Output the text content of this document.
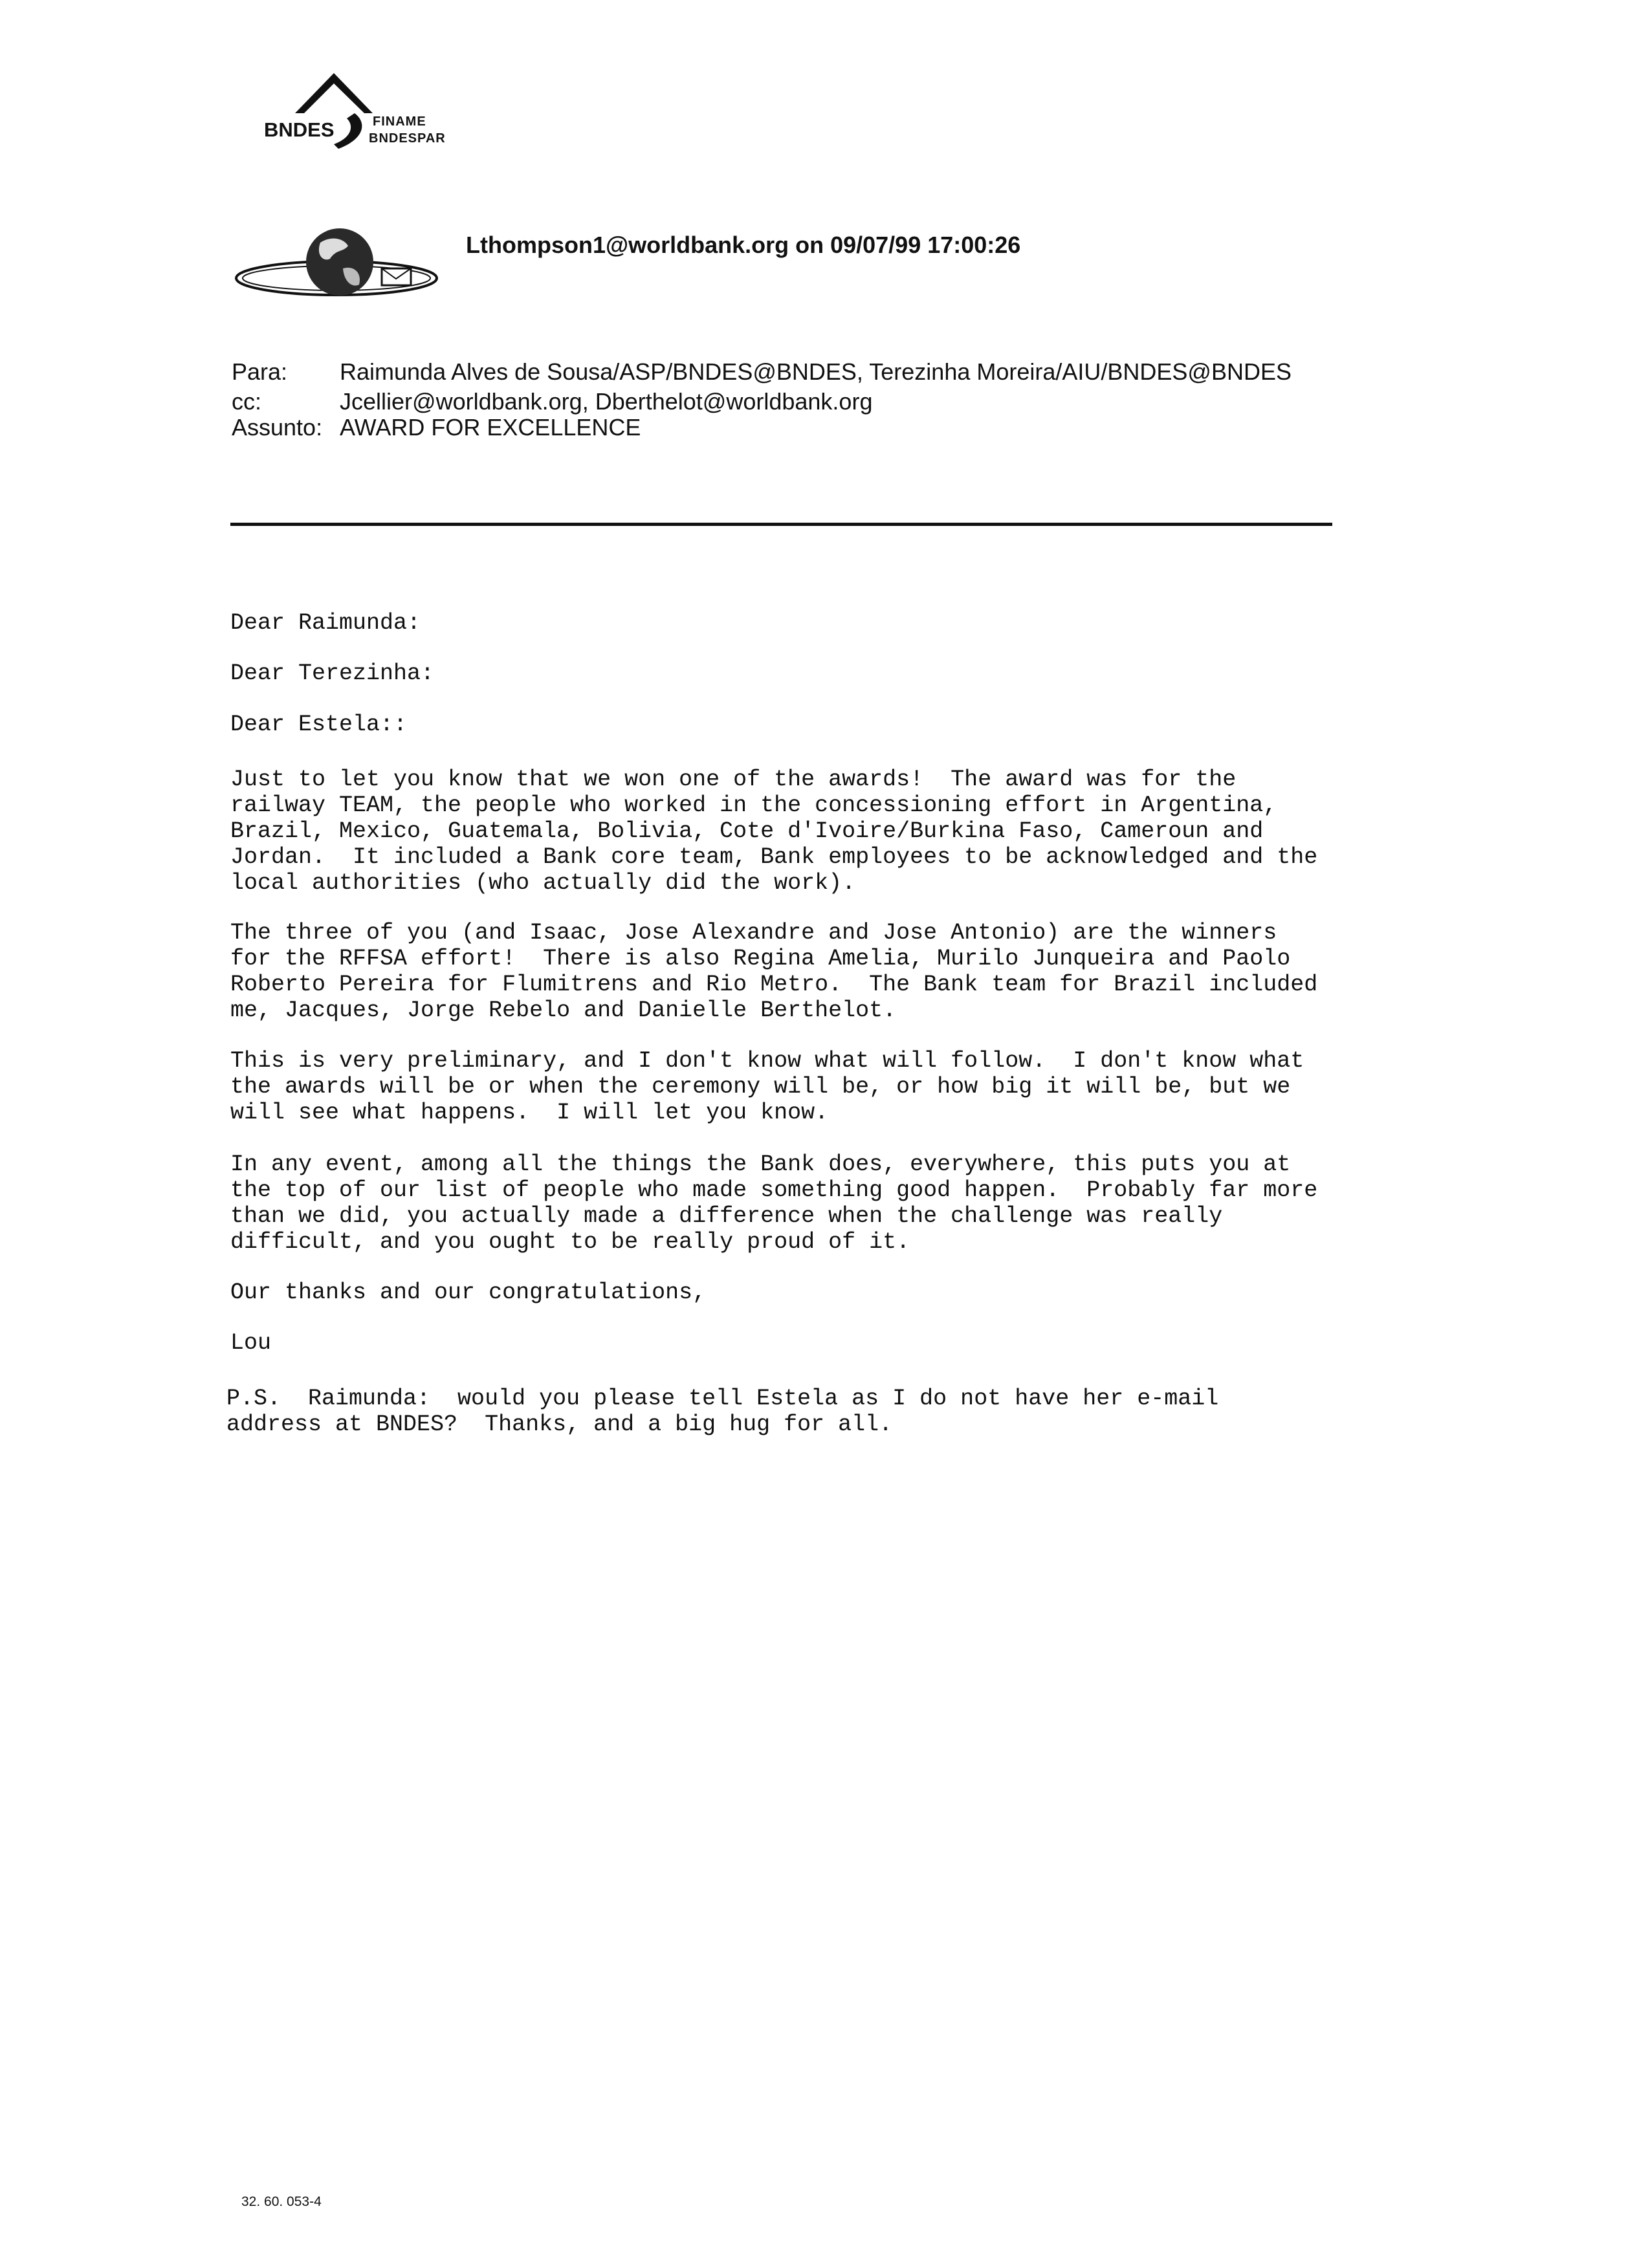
BNDES	FINAME
BNDESPAR
Lthompson1@worldbank.org on 09/07/99 17:00:26
Para: Raimunda Alves de Sousa/ASP/BNDES@BNDES, Terezinha Moreira/AIU/BNDES@BNDES
cc:	Jcellier@worldbank.org, Dberthelot@worldbank.org
Assunto: AWARD FOR EXCELLENCE
Dear Raimunda:
Dear Terezinha:
Dear Estela::
Just to let you know that we won one of the awards!  The award was for the
railway TEAM, the people who worked in the concessioning effort in Argentina,
Brazil, Mexico, Guatemala, Bolivia, Cote d'Ivoire/Burkina Faso, Cameroun and
Jordan.  It included a Bank core team, Bank employees to be acknowledged and the
local authorities (who actually did the work).
The three of you (and Isaac, Jose Alexandre and Jose Antonio) are the winners
for the RFFSA effort!  There is also Regina Amelia, Murilo Junqueira and Paolo
Roberto Pereira for Flumitrens and Rio Metro.  The Bank team for Brazil included
me, Jacques, Jorge Rebelo and Danielle Berthelot.
This is very preliminary, and I don't know what will follow.  I don't know what
the awards will be or when the ceremony will be, or how big it will be, but we
will see what happens.  I will let you know.
In any event, among all the things the Bank does, everywhere, this puts you at
the top of our list of people who made something good happen.  Probably far more
than we did, you actually made a difference when the challenge was really
difficult, and you ought to be really proud of it.
Our thanks and our congratulations,
Lou
P.S.  Raimunda:  would you please tell Estela as I do not have her e-mail
address at BNDES?  Thanks, and a big hug for all.
32. 60. 053-4
